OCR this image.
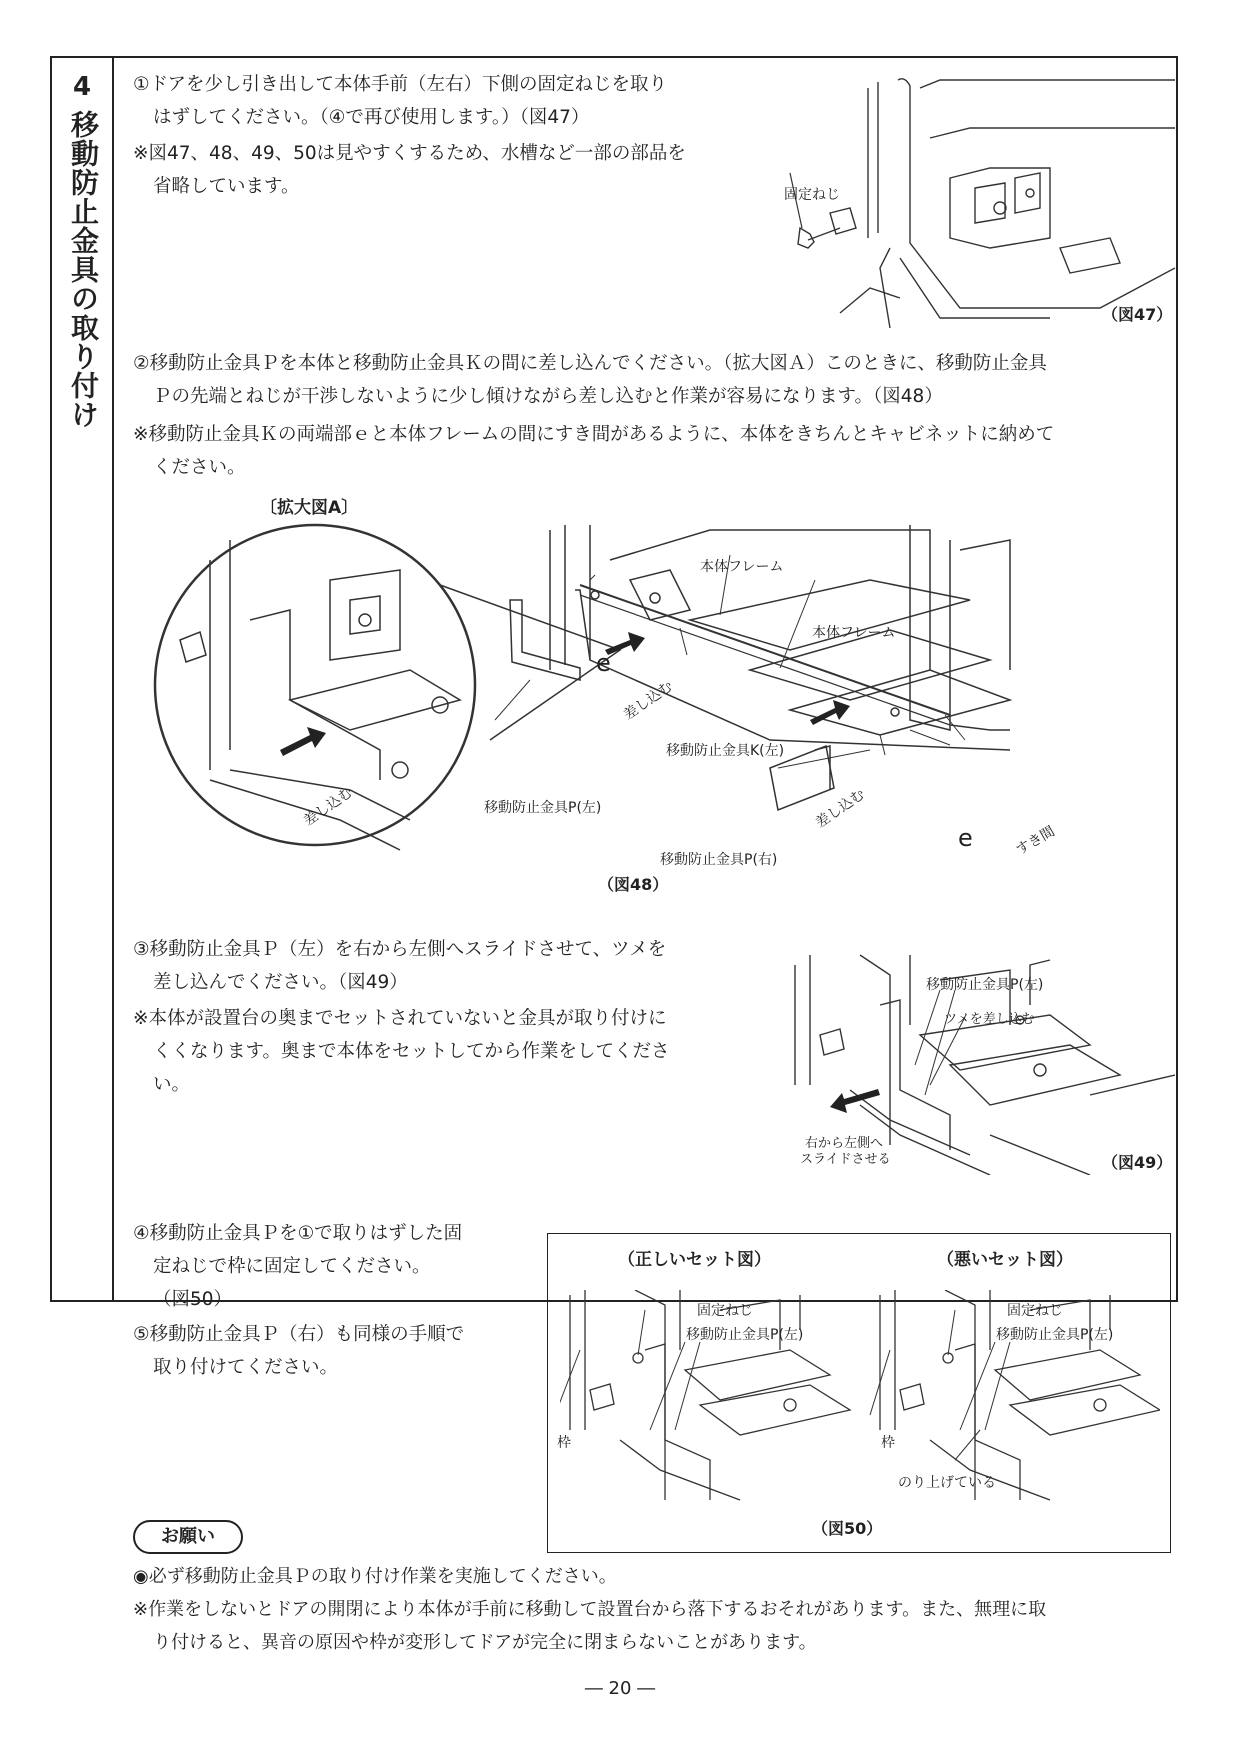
4
移動防止金具の取り付け
①ドアを少し引き出して本体手前（左右）下側の固定ねじを取り
はずしてください。（④で再び使用します。）（図47）
※図47、48、49、50は見やすくするため、水槽など一部の部品を
省略しています。	固定ねじ
（図47）
②移動防止金具Ｐを本体と移動防止金具Ｋの間に差し込んでください。（拡大図Ａ）このときに、移動防止金具
Ｐの先端とねじが干渉しないように少し傾けながら差し込むと作業が容易になります。（図48）
※移動防止金具Ｋの両端部ｅと本体フレームの間にすき間があるように、本体をきちんとキャビネットに納めて
ください。
〔拡大図A〕
本体フレーム
本体フレーム
e
e
差し込む
差し込む
差し込む
移動防止金具K(左)
移動防止金具P(左)
移動防止金具P(右)
すき間
（図48）
③移動防止金具Ｐ（左）を右から左側へスライドさせて、ツメを
差し込んでください。（図49）
※本体が設置台の奥までセットされていないと金具が取り付けに
くくなります。奥まで本体をセットしてから作業をしてくださ
い。
移動防止金具P(左)
ツメを差し込む
右から左側へ
スライドさせる	（図49）
④移動防止金具Ｐを①で取りはずした固
定ねじで枠に固定してください。
（図50）
⑤移動防止金具Ｐ（右）も同様の手順で
取り付けてください。
（正しいセット図）	（悪いセット図）
固定ねじ
移動防止金具P(左)
枠
固定ねじ
移動防止金具P(左)
枠
のり上げている
（図50）
お願い
◉必ず移動防止金具Ｐの取り付け作業を実施してください。
※作業をしないとドアの開閉により本体が手前に移動して設置台から落下するおそれがあります。また、無理に取
り付けると、異音の原因や枠が変形してドアが完全に閉まらないことがあります。
― 20 ―
